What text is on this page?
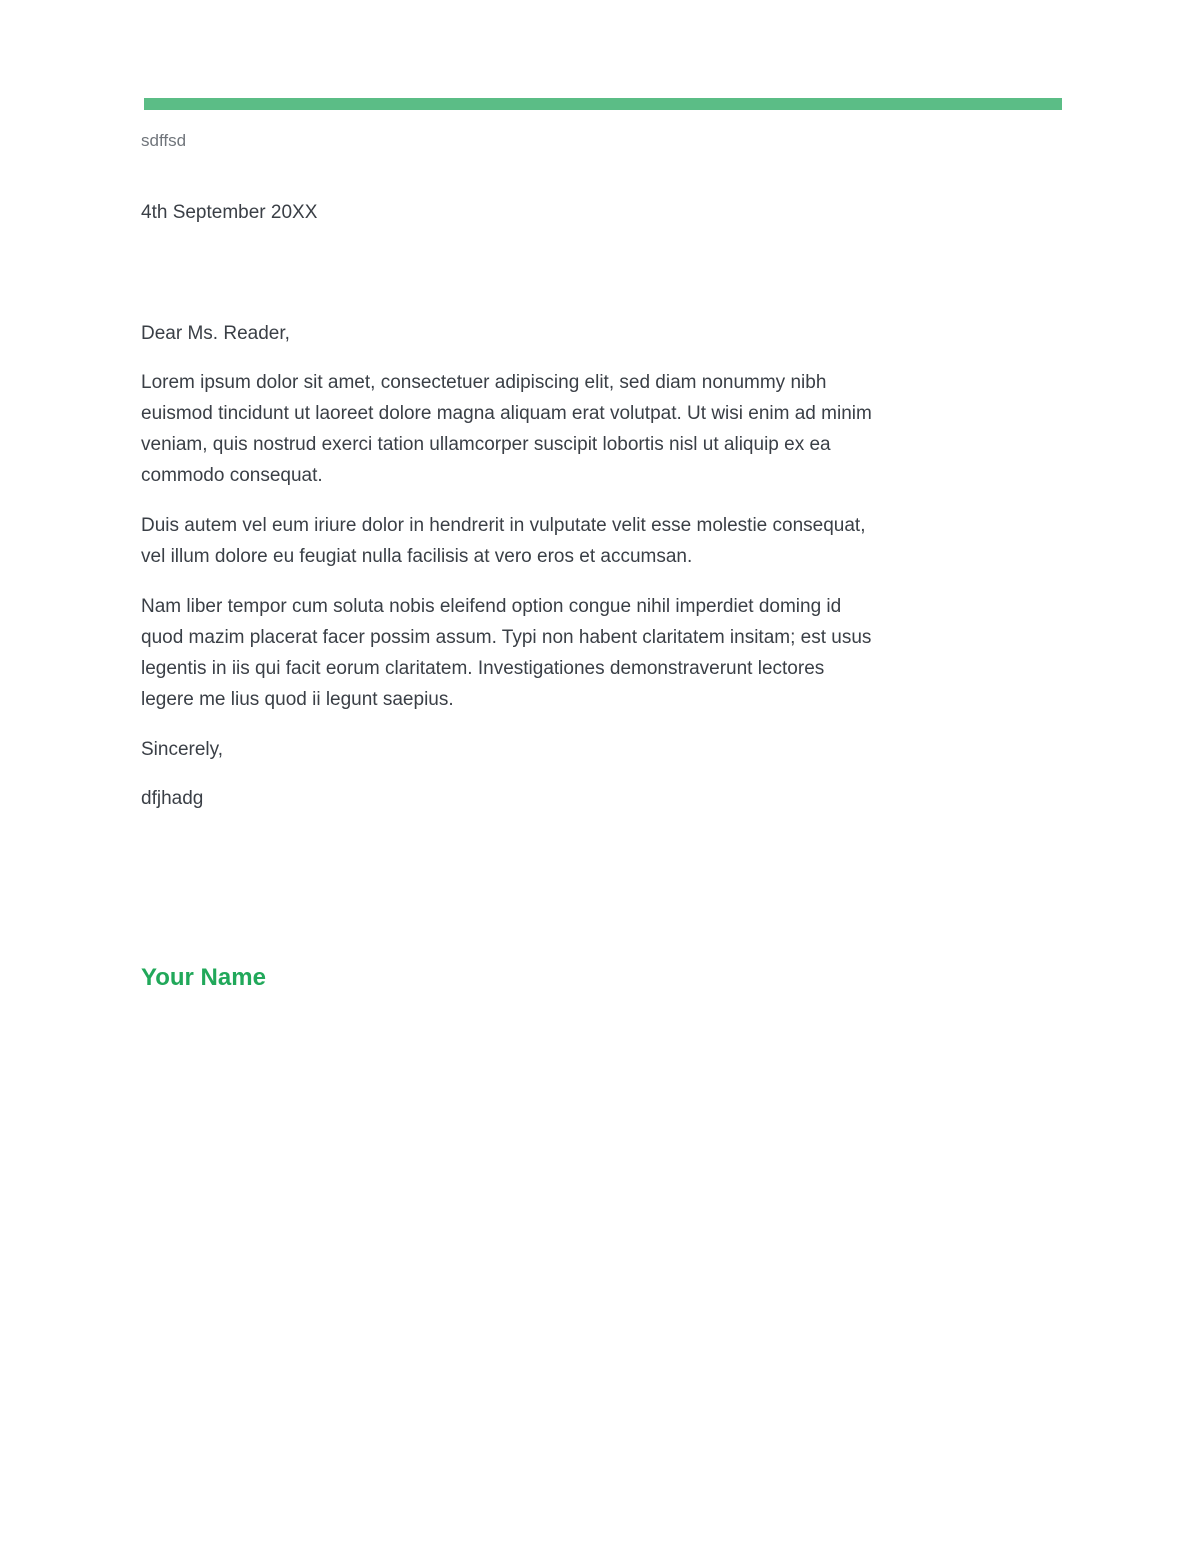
sdffsd
4th September 20XX

Dear Ms. Reader,

Lorem ipsum dolor sit amet, consectetuer adipiscing elit, sed diam nonummy nibh euismod tincidunt ut laoreet dolore magna aliquam erat volutpat. Ut wisi enim ad minim veniam, quis nostrud exerci tation ullamcorper suscipit lobortis nisl ut aliquip ex ea commodo consequat.

Duis autem vel eum iriure dolor in hendrerit in vulputate velit esse molestie consequat, vel illum dolore eu feugiat nulla facilisis at vero eros et accumsan.

Nam liber tempor cum soluta nobis eleifend option congue nihil imperdiet doming id quod mazim placerat facer possim assum. Typi non habent claritatem insitam; est usus legentis in iis qui facit eorum claritatem. Investigationes demonstraverunt lectores legere me lius quod ii legunt saepius.

Sincerely,

dfjhadg

Your Name
